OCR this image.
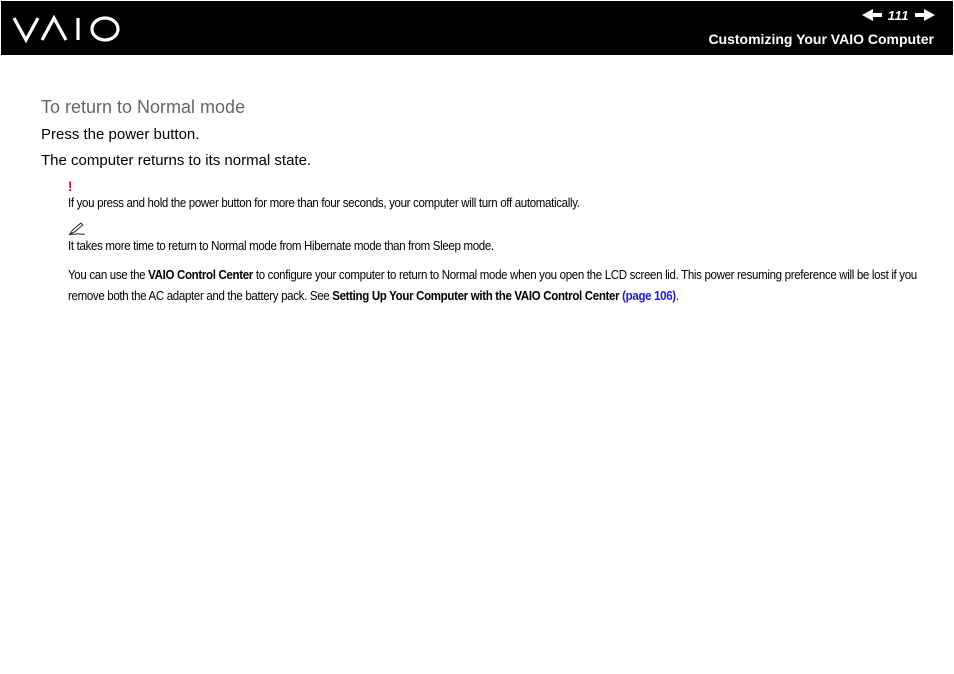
111
Customizing Your VAIO Computer
To return to Normal mode

Press the power button.

The computer returns to its normal state.

!

If you press and hold the power button for more than four seconds, your computer will turn off automatically.

It takes more time to return to Normal mode from Hibernate mode than from Sleep mode.

You can use the VAIO Control Center to configure your computer to return to Normal mode when you open the LCD screen lid. This power resuming preference will be lost if you remove both the AC adapter and the battery pack. See Setting Up Your Computer with the VAIO Control Center (page 106).
